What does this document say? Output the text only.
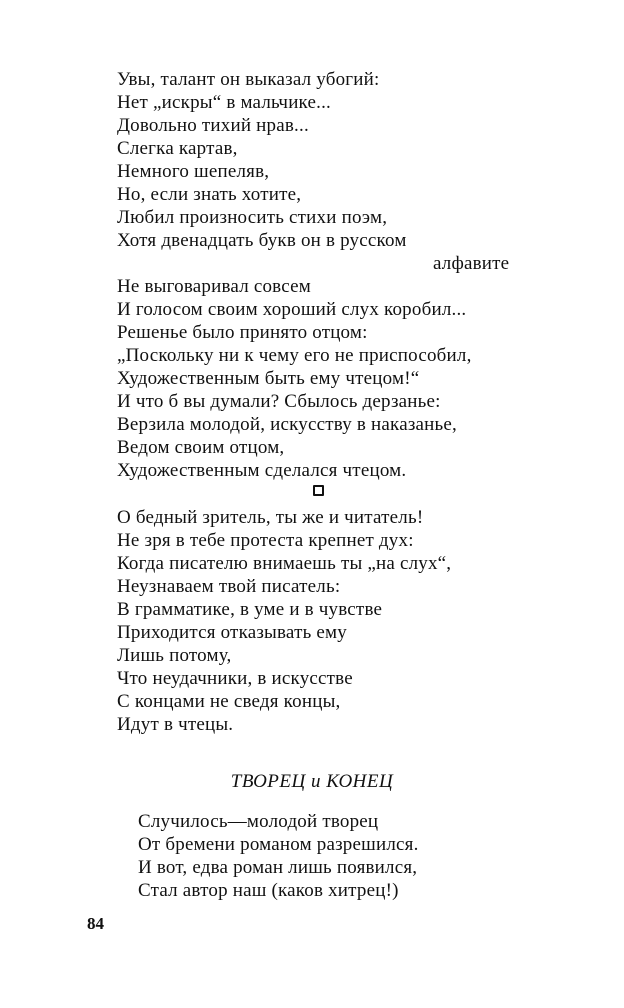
Увы, талант он выказал убогий:
Нет „искры“ в мальчике...
Довольно тихий нрав...
Слегка картав,
Немного шепеляв,
Но, если знать хотите,
Любил произносить стихи поэм,
Хотя двенадцать букв он в русском
алфавите
Не выговаривал совсем
И голосом своим хороший слух коробил...
Решенье было принято отцом:
„Поскольку ни к чему его не приспособил,
Художественным быть ему чтецом!“
И что б вы думали? Сбылось дерзанье:
Верзила молодой, искусству в наказанье,
Ведом своим отцом,
Художественным сделался чтецом.
О бедный зритель, ты же и читатель!
Не зря в тебе протеста крепнет дух:
Когда писателю внимаешь ты „на слух“,
Неузнаваем твой писатель:
В грамматике, в уме и в чувстве
Приходится отказывать ему
Лишь потому,
Что неудачники, в искусстве
С концами не сведя концы,
Идут в чтецы.
ТВОРЕЦ и КОНЕЦ
Случилось—молодой творец
От бремени романом разрешился.
И вот, едва роман лишь появился,
Стал автор наш (каков хитрец!)
84
